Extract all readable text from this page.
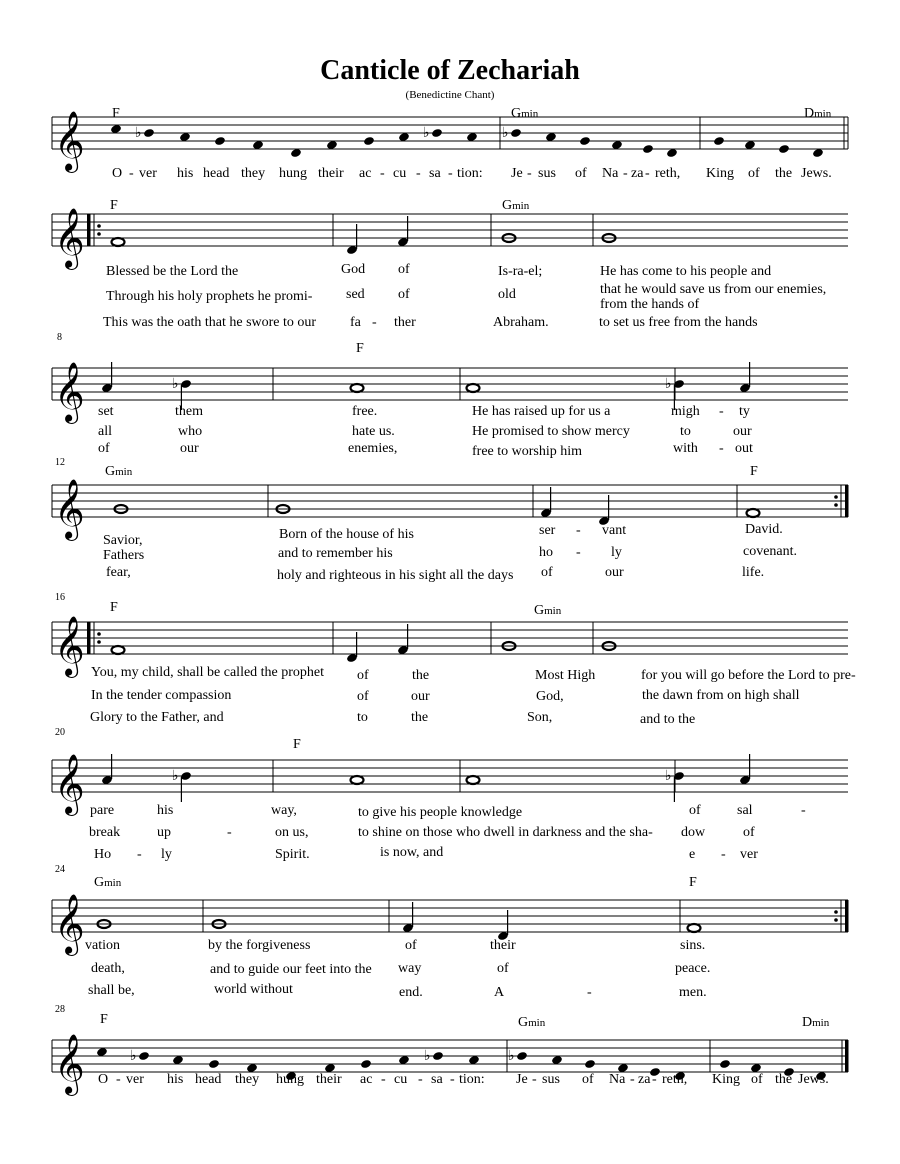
Canticle of Zechariah
(Benedictine Chant)
𝄞	♭	♭	♭
𝄞	♭	♭	♭
𝄞
𝄞
𝄞	♭	♭
𝄞	♭	♭
𝄞
𝄞
F	Gmin	Dmin
F	Gmin
F
Gmin	F
F	Gmin
F
Gmin	F
F	Gmin	Dmin
8
12
16
20
24
28
O - ver his head they hung their ac - cu - sa - tion: Je - sus of Na - za - reth, King of the Jews.
Blessed be the Lord the	God of	Is-ra-el;	He has come to his people and
Through his holy prophets he promi- sed of	old	that he would save us from our enemies,
from the hands of
This was the oath that he swore to our fa - ther	Abraham.	to set us free from the hands
set	them	free.	He has raised up for us a	migh - ty
all	who	hate us.	He promised to show mercy	to	our
of	our	enemies,	free to worship him	with - out
Savior,	Born of the house of his	ser - vant	David.
Fathers	and to remember his	ho - ly	covenant.
fear,	holy and righteous in his sight all the days of	our	life.
You, my child, shall be called the prophet of	the	Most High	for you will go before the Lord to pre-
In the tender compassion	of	our	God,	the dawn from on high shall
Glory to the Father, and	to	the	Son,	and to the
pare	his	way,	to give his people knowledge	of	sal	-
break	up	-	on us,	to shine on those who dwell in darkness and the sha- dow	of
Ho - ly	Spirit.	is now, and	e - ver
vation	by the forgiveness	of	their	sins.
death,	and to guide our feet into the way	of	peace.
shall be,	world without	end.	A	-	men.
O - ver his head they hung their ac - cu - sa - tion: Je - sus of Na - za - reth, King of the Jews.
